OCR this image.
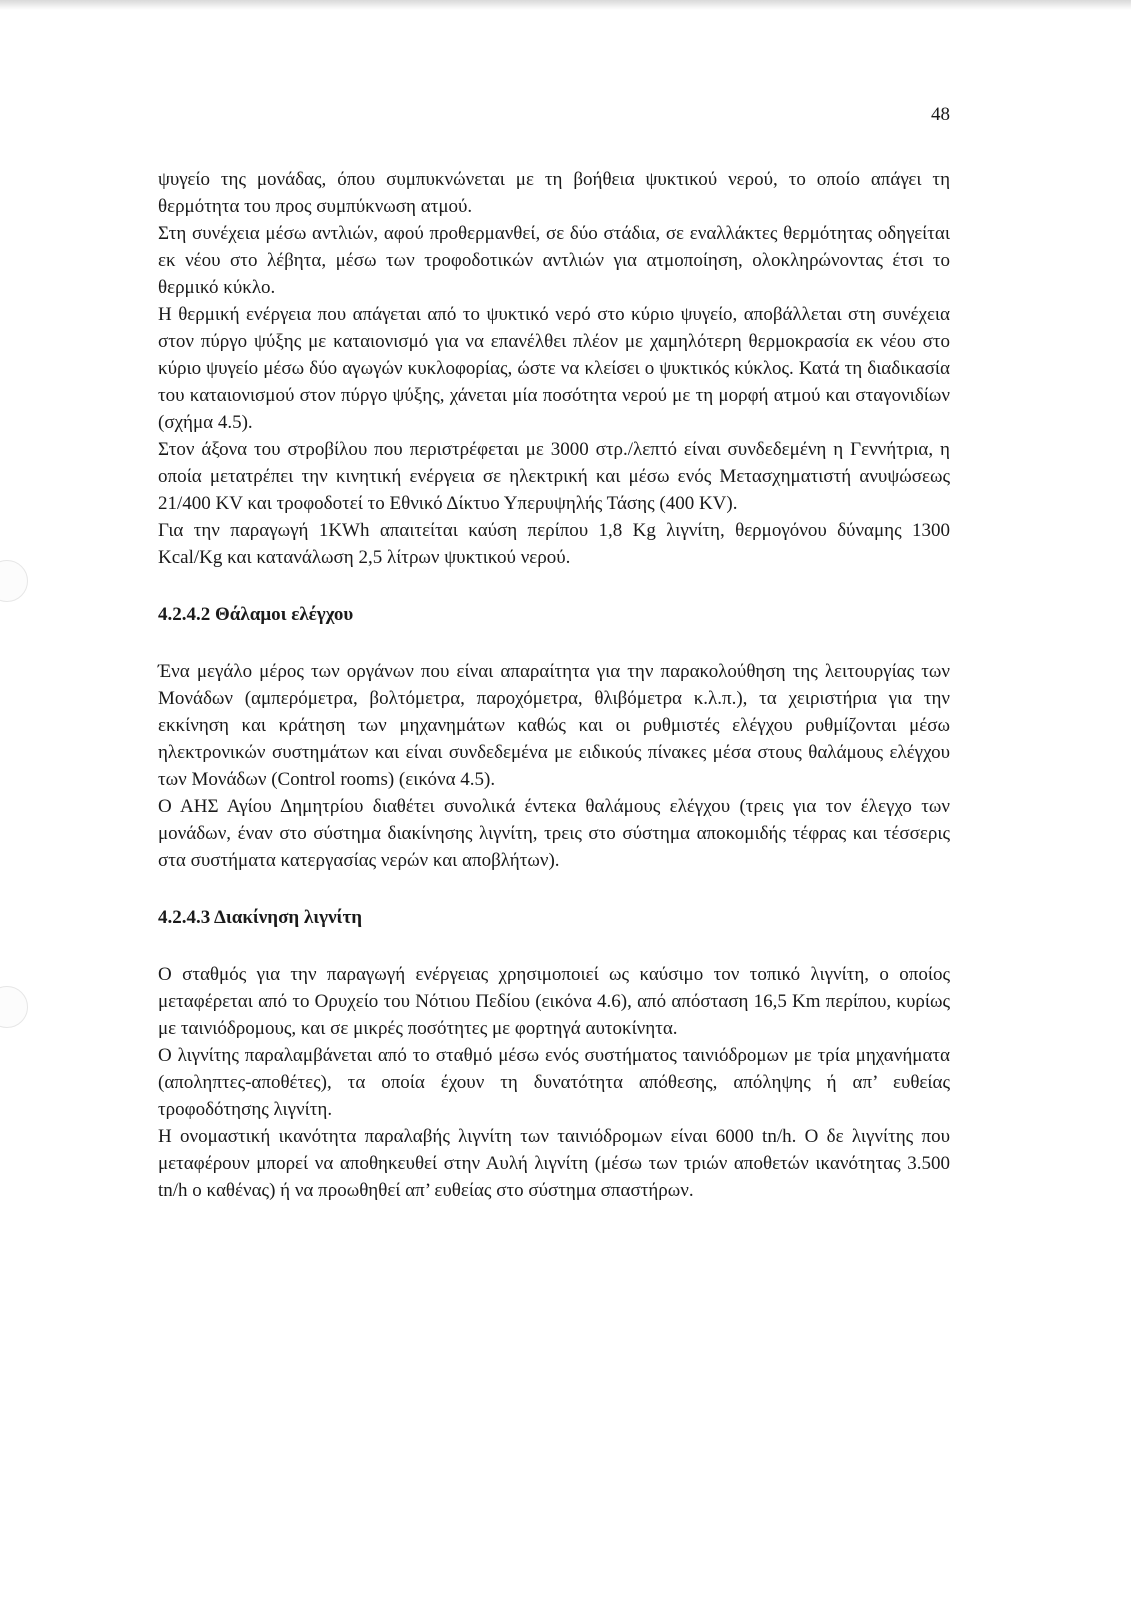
48

ψυγείο της μονάδας, όπου συμπυκνώνεται με τη βοήθεια ψυκτικού νερού, το οποίο απάγει τη θερμότητα του προς συμπύκνωση ατμού.

Στη συνέχεια μέσω αντλιών, αφού προθερμανθεί, σε δύο στάδια, σε εναλλάκτες θερμότητας οδηγείται εκ νέου στο λέβητα, μέσω των τροφοδοτικών αντλιών για ατμοποίηση, ολοκληρώνοντας έτσι το θερμικό κύκλο.

Η θερμική ενέργεια που απάγεται από το ψυκτικό νερό στο κύριο ψυγείο, αποβάλλεται στη συνέχεια στον πύργο ψύξης με καταιονισμό για να επανέλθει πλέον με χαμηλότερη θερμοκρασία εκ νέου στο κύριο ψυγείο μέσω δύο αγωγών κυκλοφορίας, ώστε να κλείσει ο ψυκτικός κύκλος. Κατά τη διαδικασία του καταιονισμού στον πύργο ψύξης, χάνεται μία ποσότητα νερού με τη μορφή ατμού και σταγονιδίων (σχήμα 4.5).

Στον άξονα του στροβίλου που περιστρέφεται με 3000 στρ./λεπτό είναι συνδεδεμένη η Γεννήτρια, η οποία μετατρέπει την κινητική ενέργεια σε ηλεκτρική και μέσω ενός Μετασχηματιστή ανυψώσεως 21/400 KV και τροφοδοτεί το Εθνικό Δίκτυο Υπερυψηλής Τάσης (400 KV).

Για την παραγωγή 1KWh απαιτείται καύση περίπου 1,8 Kg λιγνίτη, θερμογόνου δύναμης 1300 Kcal/Kg και κατανάλωση 2,5 λίτρων ψυκτικού νερού.

4.2.4.2 Θάλαμοι ελέγχου

Ένα μεγάλο μέρος των οργάνων που είναι απαραίτητα για την παρακολούθηση της λειτουργίας των Μονάδων (αμπερόμετρα, βολτόμετρα, παροχόμετρα, θλιβόμετρα κ.λ.π.), τα χειριστήρια για την εκκίνηση και κράτηση των μηχανημάτων καθώς και οι ρυθμιστές ελέγχου ρυθμίζονται μέσω ηλεκτρονικών συστημάτων και είναι συνδεδεμένα με ειδικούς πίνακες μέσα στους θαλάμους ελέγχου των Μονάδων (Control rooms) (εικόνα 4.5).

Ο ΑΗΣ Αγίου Δημητρίου διαθέτει συνολικά έντεκα θαλάμους ελέγχου (τρεις για τον έλεγχο των μονάδων, έναν στο σύστημα διακίνησης λιγνίτη, τρεις στο σύστημα αποκομιδής τέφρας και τέσσερις στα συστήματα κατεργασίας νερών και αποβλήτων).

4.2.4.3 Διακίνηση λιγνίτη

Ο σταθμός για την παραγωγή ενέργειας χρησιμοποιεί ως καύσιμο τον τοπικό λιγνίτη, ο οποίος μεταφέρεται από το Ορυχείο του Νότιου Πεδίου (εικόνα 4.6), από απόσταση 16,5 Km περίπου, κυρίως με ταινιόδρομους, και σε μικρές ποσότητες με φορτηγά αυτοκίνητα.

Ο λιγνίτης παραλαμβάνεται από το σταθμό μέσω ενός συστήματος ταινιόδρομων με τρία μηχανήματα (αποληπτες-αποθέτες), τα οποία έχουν τη δυνατότητα απόθεσης, απόληψης ή απ’ ευθείας τροφοδότησης λιγνίτη.

Η ονομαστική ικανότητα παραλαβής λιγνίτη των ταινιόδρομων είναι 6000 tn/h. Ο δε λιγνίτης που μεταφέρουν μπορεί να αποθηκευθεί στην Αυλή λιγνίτη (μέσω των τριών αποθετών ικανότητας 3.500 tn/h ο καθένας) ή να προωθηθεί απ’ ευθείας στο σύστημα σπαστήρων.
